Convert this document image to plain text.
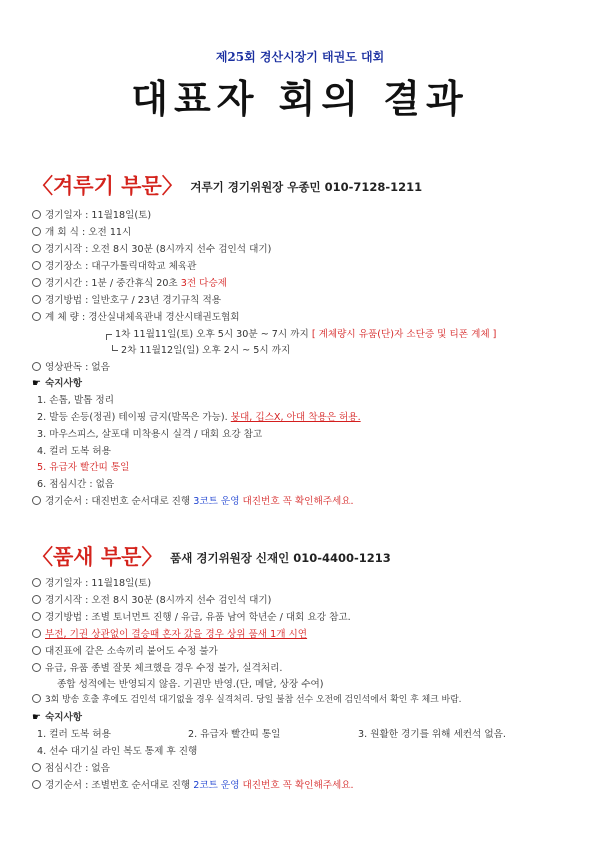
제25회 경산시장기 태권도 대회
대표자 회의 결과
〈겨루기 부문〉 겨루기 경기위원장 우종민 010-7128-1211
경기일자 : 11월18일(토)
개 회 식 : 오전 11시
경기시작 : 오전 8시 30분 (8시까지 선수 검인석 대기)
경기장소 : 대구가톨릭대학교 체육관
경기시간 : 1분 / 중간휴식 20초 3전 다승제
경기방법 : 일반호구 / 23년 경기규칙 적용
계 체 량 : 경산실내체육관내 경산시태권도협회
1차 11월11일(토) 오후 5시 30분 ~ 7시 까지 [ 계체량시 유품(단)자 소단증 및 티폰 계체 ]
2차 11월12일(일) 오후 2시 ~ 5시 까지
영상판독 : 없음
☛ 숙지사항
1. 손톱, 발톱 정리
2. 발등 손등(정권) 테이핑 금지(발목은 가능). 붕대, 깁스X, 아대 착용은 허용.
3. 마우스피스, 살포대 미착용시 실격 / 대회 요강 참고
4. 컬러 도복 허용
5. 유급자 빨간띠 통일
6. 점심시간 : 없음
경기순서 : 대진번호 순서대로 진행 3코트 운영 대진번호 꼭 확인해주세요.
〈품새 부문〉 품새 경기위원장 신재인 010-4400-1213
경기일자 : 11월18일(토)
경기시작 : 오전 8시 30분 (8시까지 선수 검인석 대기)
경기방법 : 조별 토너먼트 진행 / 유급, 유품 남여 학년순 / 대회 요강 참고.
부전, 기권 상관없이 결승때 혼자 갔을 경우 상위 품새 1개 시연
대진표에 같은 소속끼리 붙어도 수정 불가
유급, 유품 종별 잘못 체크했을 경우 수정 불가, 실격처리.
종합 성적에는 반영되지 않음. 기권만 반영.(단, 메달, 상장 수여)
3회 방송 호출 후에도 검인석 대기없을 경우 실격처리. 당일 불참 선수 오전에 검인석에서 확인 후 체크 바람.
☛ 숙지사항
1. 컬러 도복 허용	2. 유급자 빨간띠 통일	3. 원활한 경기를 위해 세컨석 없음.
4. 선수 대기실 라인 복도 통제 후 진행
점심시간 : 없음
경기순서 : 조별번호 순서대로 진행 2코트 운영 대진번호 꼭 확인해주세요.
